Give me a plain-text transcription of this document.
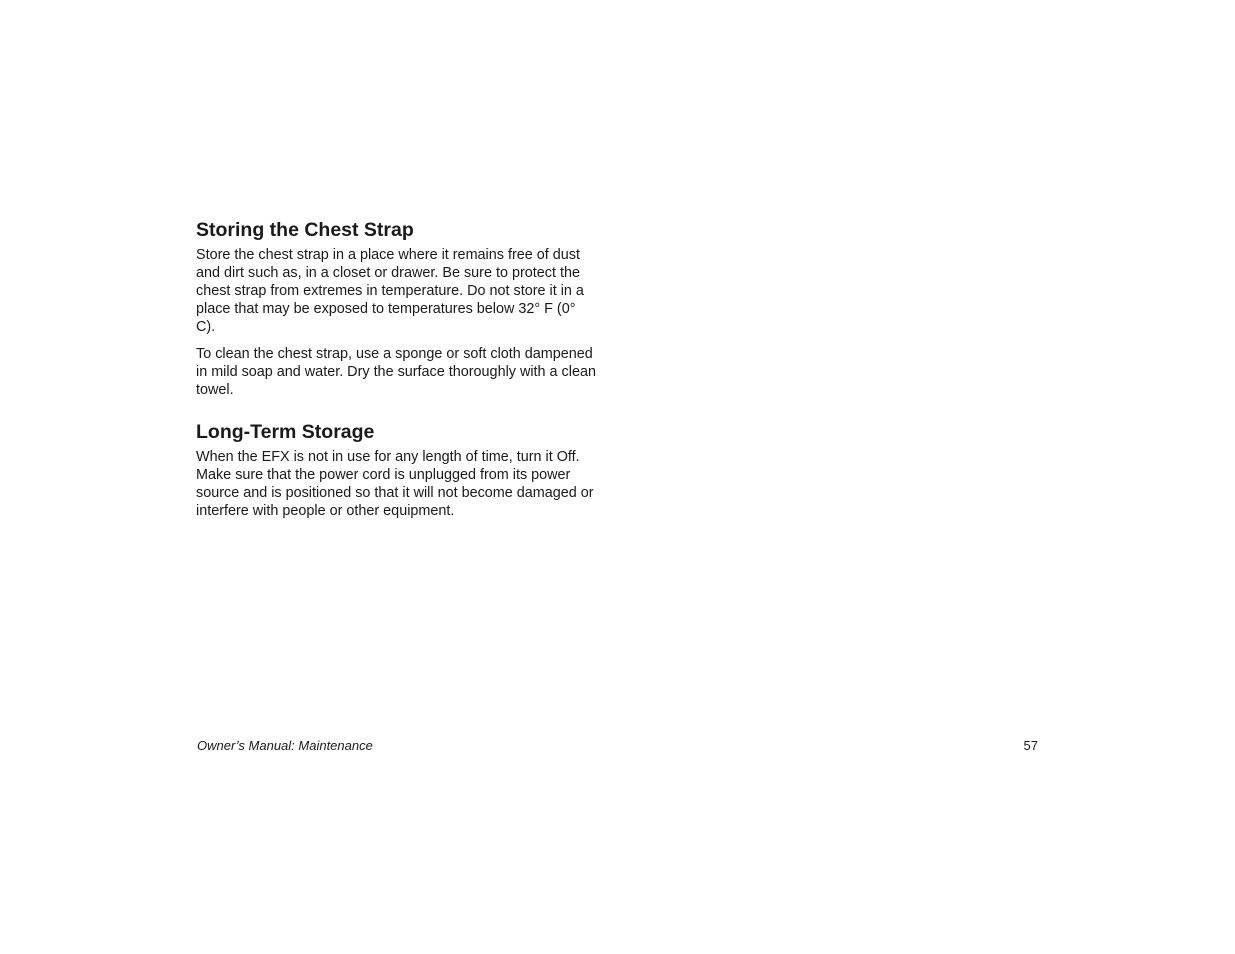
Storing the Chest Strap

Store the chest strap in a place where it remains free of dust and dirt such as, in a closet or drawer. Be sure to protect the chest strap from extremes in temperature. Do not store it in a place that may be exposed to temperatures below 32° F (0° C).

To clean the chest strap, use a sponge or soft cloth dampened in mild soap and water. Dry the surface thoroughly with a clean towel.

Long-Term Storage

When the EFX is not in use for any length of time, turn it Off. Make sure that the power cord is unplugged from its power source and is positioned so that it will not become damaged or interfere with people or other equipment.

Owner’s Manual: Maintenance	57
